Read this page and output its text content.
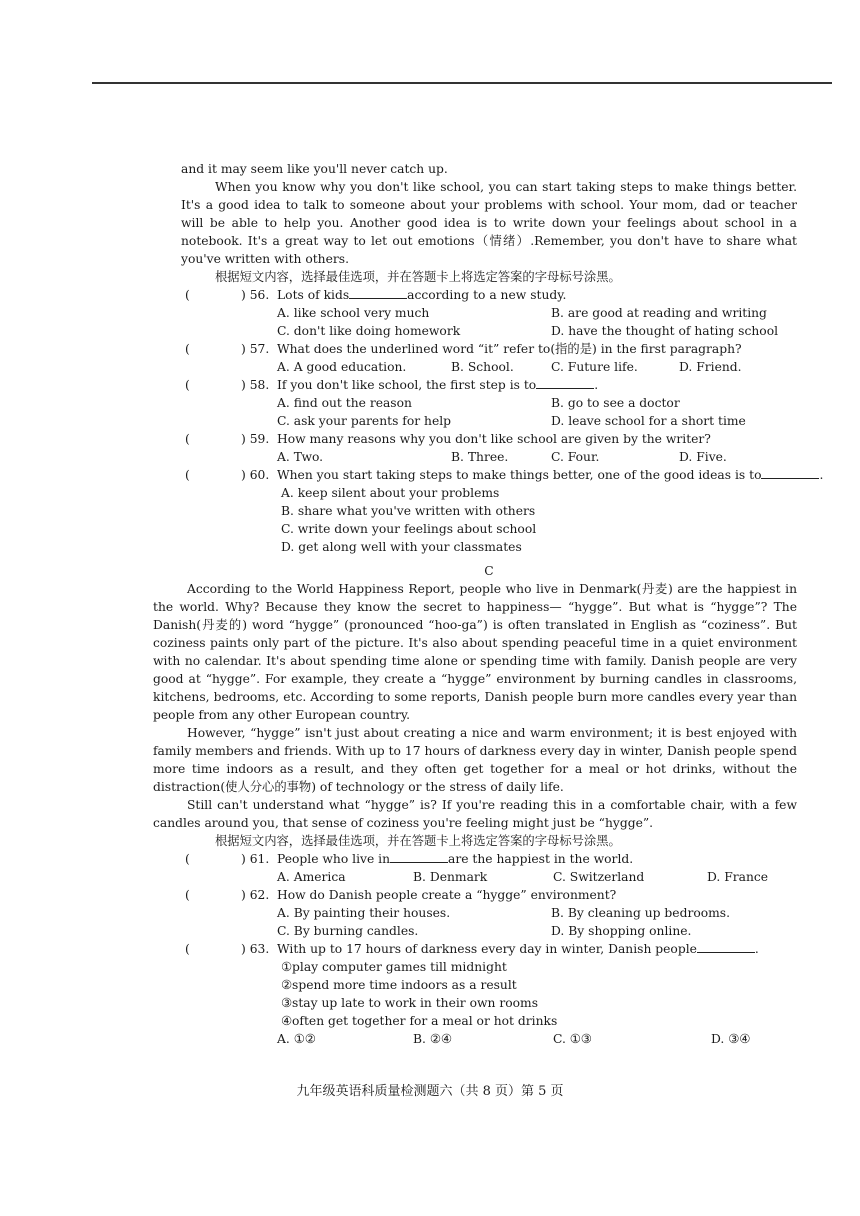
and it may seem like you'll never catch up.

When you know why you don't like school, you can start taking steps to make things better. It's a good idea to talk to someone about your problems with school. Your mom, dad or teacher will be able to help you. Another good idea is to write down your feelings about school in a notebook. It's a great way to let out emotions（情绪）.Remember, you don't have to share what you've written with others.

根据短文内容，选择最佳选项，并在答题卡上将选定答案的字母标号涂黑。

(	) 56. Lots of kids	according to a new study.
A. like school very much	B. are good at reading and writing
C. don't like doing homework	D. have the thought of hating school
(	) 57. What does the underlined word “it” refer to(指的是) in the first paragraph?
A. A good education.	B. School.	C. Future life.	D. Friend.
(	) 58. If you don't like school, the first step is to	.
A. find out the reason	B. go to see a doctor
C. ask your parents for help	D. leave school for a short time
(	) 59. How many reasons why you don't like school are given by the writer?
A. Two.	B. Three.	C. Four.	D. Five.
(	) 60. When you start taking steps to make things better, one of the good ideas is to	.

A. keep silent about your problems

B. share what you've written with others

C. write down your feelings about school

D. get along well with your classmates

C

According to the World Happiness Report, people who live in Denmark(丹麦) are the happiest in the world. Why? Because they know the secret to happiness— “hygge”. But what is “hygge”? The Danish(丹麦的) word “hygge” (pronounced “hoo-ga”) is often translated in English as “coziness”. But coziness paints only part of the picture. It's also about spending peaceful time in a quiet environment with no calendar. It's about spending time alone or spending time with family. Danish people are very good at “hygge”. For example, they create a “hygge” environment by burning candles in classrooms, kitchens, bedrooms, etc. According to some reports, Danish people burn more candles every year than people from any other European country.

However, “hygge” isn't just about creating a nice and warm environment; it is best enjoyed with family members and friends. With up to 17 hours of darkness every day in winter, Danish people spend more time indoors as a result, and they often get together for a meal or hot drinks, without the distraction(使人分心的事物) of technology or the stress of daily life.

Still can't understand what “hygge” is? If you're reading this in a comfortable chair, with a few candles around you, that sense of coziness you're feeling might just be “hygge”.

根据短文内容，选择最佳选项，并在答题卡上将选定答案的字母标号涂黑。

(	) 61. People who live in	are the happiest in the world.
A. America	B. Denmark	C. Switzerland	D. France
(	) 62. How do Danish people create a “hygge” environment?
A. By painting their houses.	B. By cleaning up bedrooms.
C. By burning candles.	D. By shopping online.
(	) 63. With up to 17 hours of darkness every day in winter, Danish people	.

①play computer games till midnight

②spend more time indoors as a result

③stay up late to work in their own rooms

④often get together for a meal or hot drinks

A. ①②	B. ②④	C. ①③	D. ③④
九年级英语科质量检测题六（共 8 页）第 5 页
